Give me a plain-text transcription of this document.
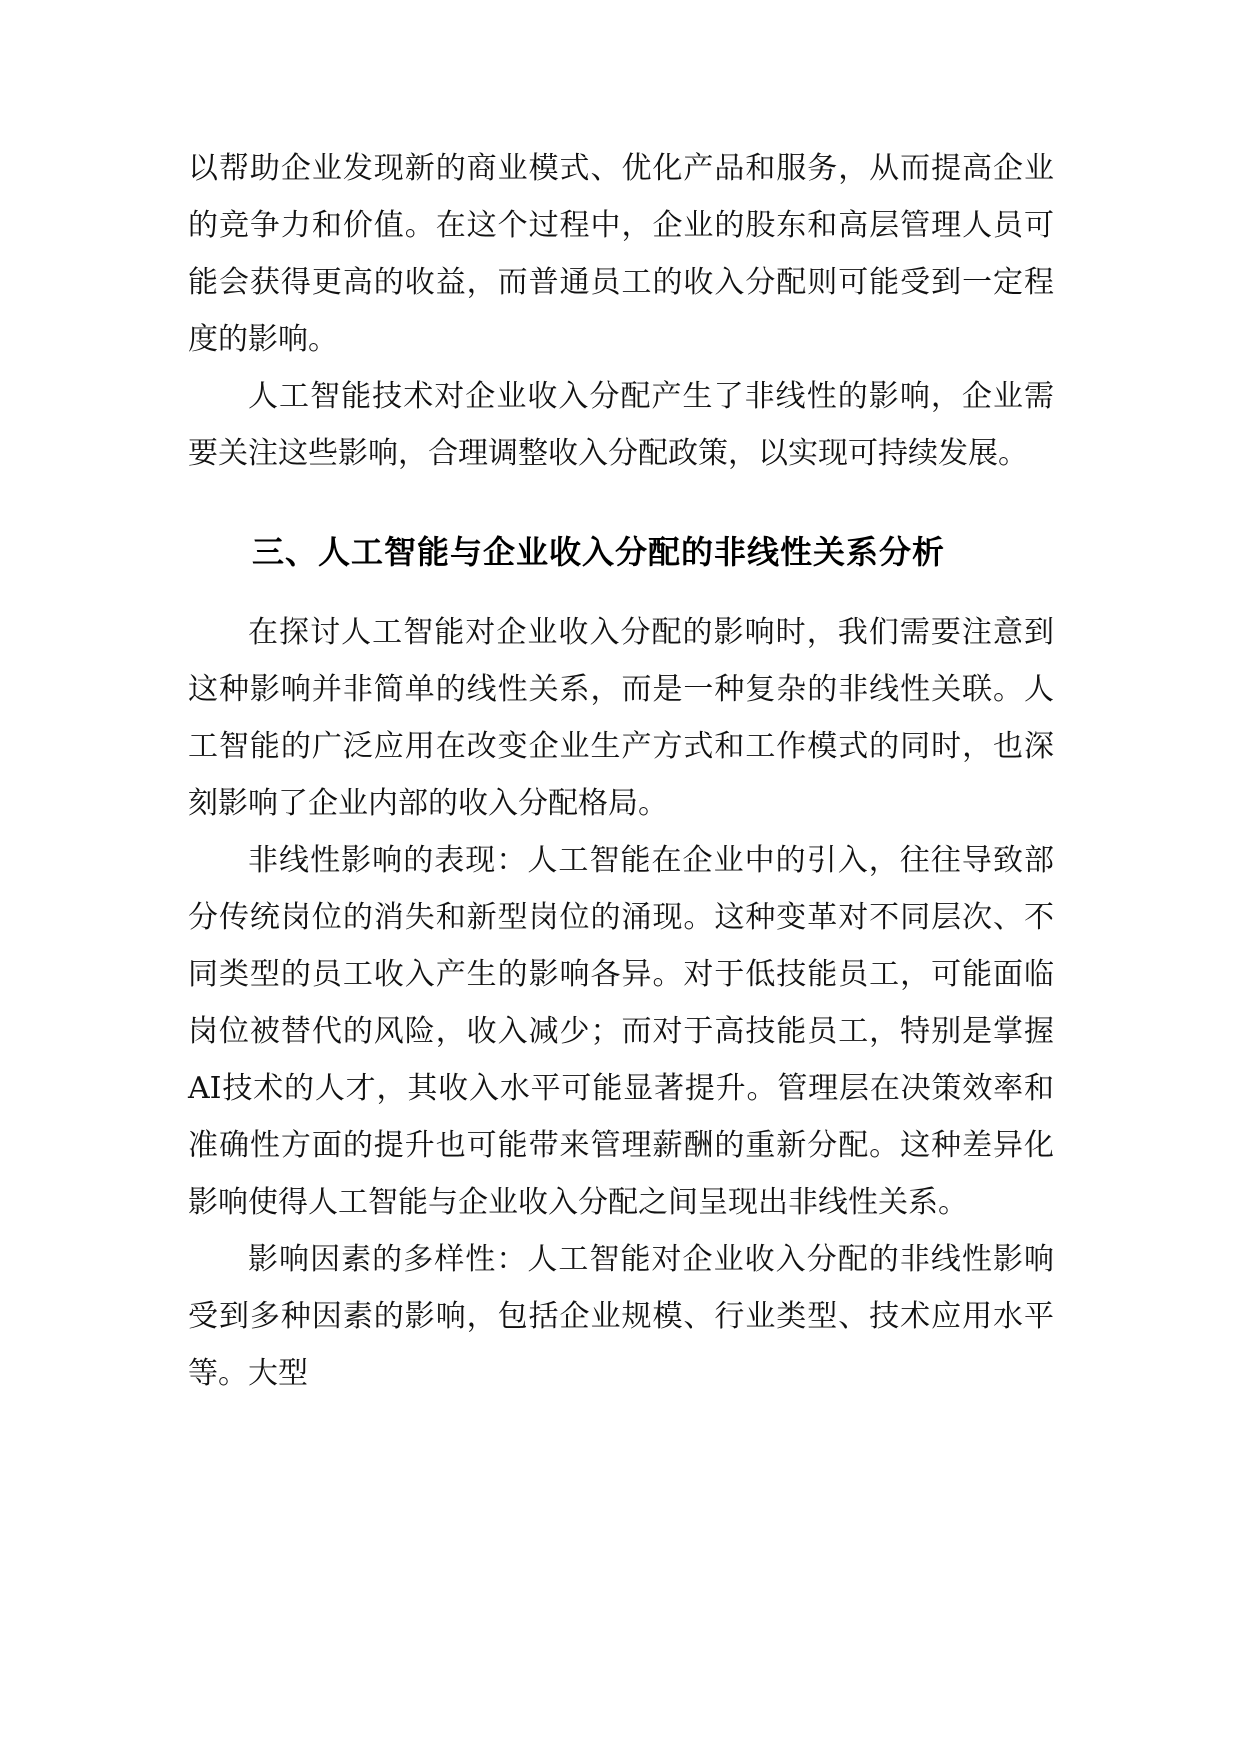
以帮助企业发现新的商业模式、优化产品和服务，从而提高企业的竞争力和价值。在这个过程中，企业的股东和高层管理人员可能会获得更高的收益，而普通员工的收入分配则可能受到一定程度的影响。

人工智能技术对企业收入分配产生了非线性的影响，企业需要关注这些影响，合理调整收入分配政策，以实现可持续发展。

三、人工智能与企业收入分配的非线性关系分析

在探讨人工智能对企业收入分配的影响时，我们需要注意到这种影响并非简单的线性关系，而是一种复杂的非线性关联。人工智能的广泛应用在改变企业生产方式和工作模式的同时，也深刻影响了企业内部的收入分配格局。

非线性影响的表现：人工智能在企业中的引入，往往导致部分传统岗位的消失和新型岗位的涌现。这种变革对不同层次、不同类型的员工收入产生的影响各异。对于低技能员工，可能面临岗位被替代的风险，收入减少；而对于高技能员工，特别是掌握AI技术的人才，其收入水平可能显著提升。管理层在决策效率和准确性方面的提升也可能带来管理薪酬的重新分配。这种差异化影响使得人工智能与企业收入分配之间呈现出非线性关系。

影响因素的多样性：人工智能对企业收入分配的非线性影响受到多种因素的影响，包括企业规模、行业类型、技术应用水平等。大型
